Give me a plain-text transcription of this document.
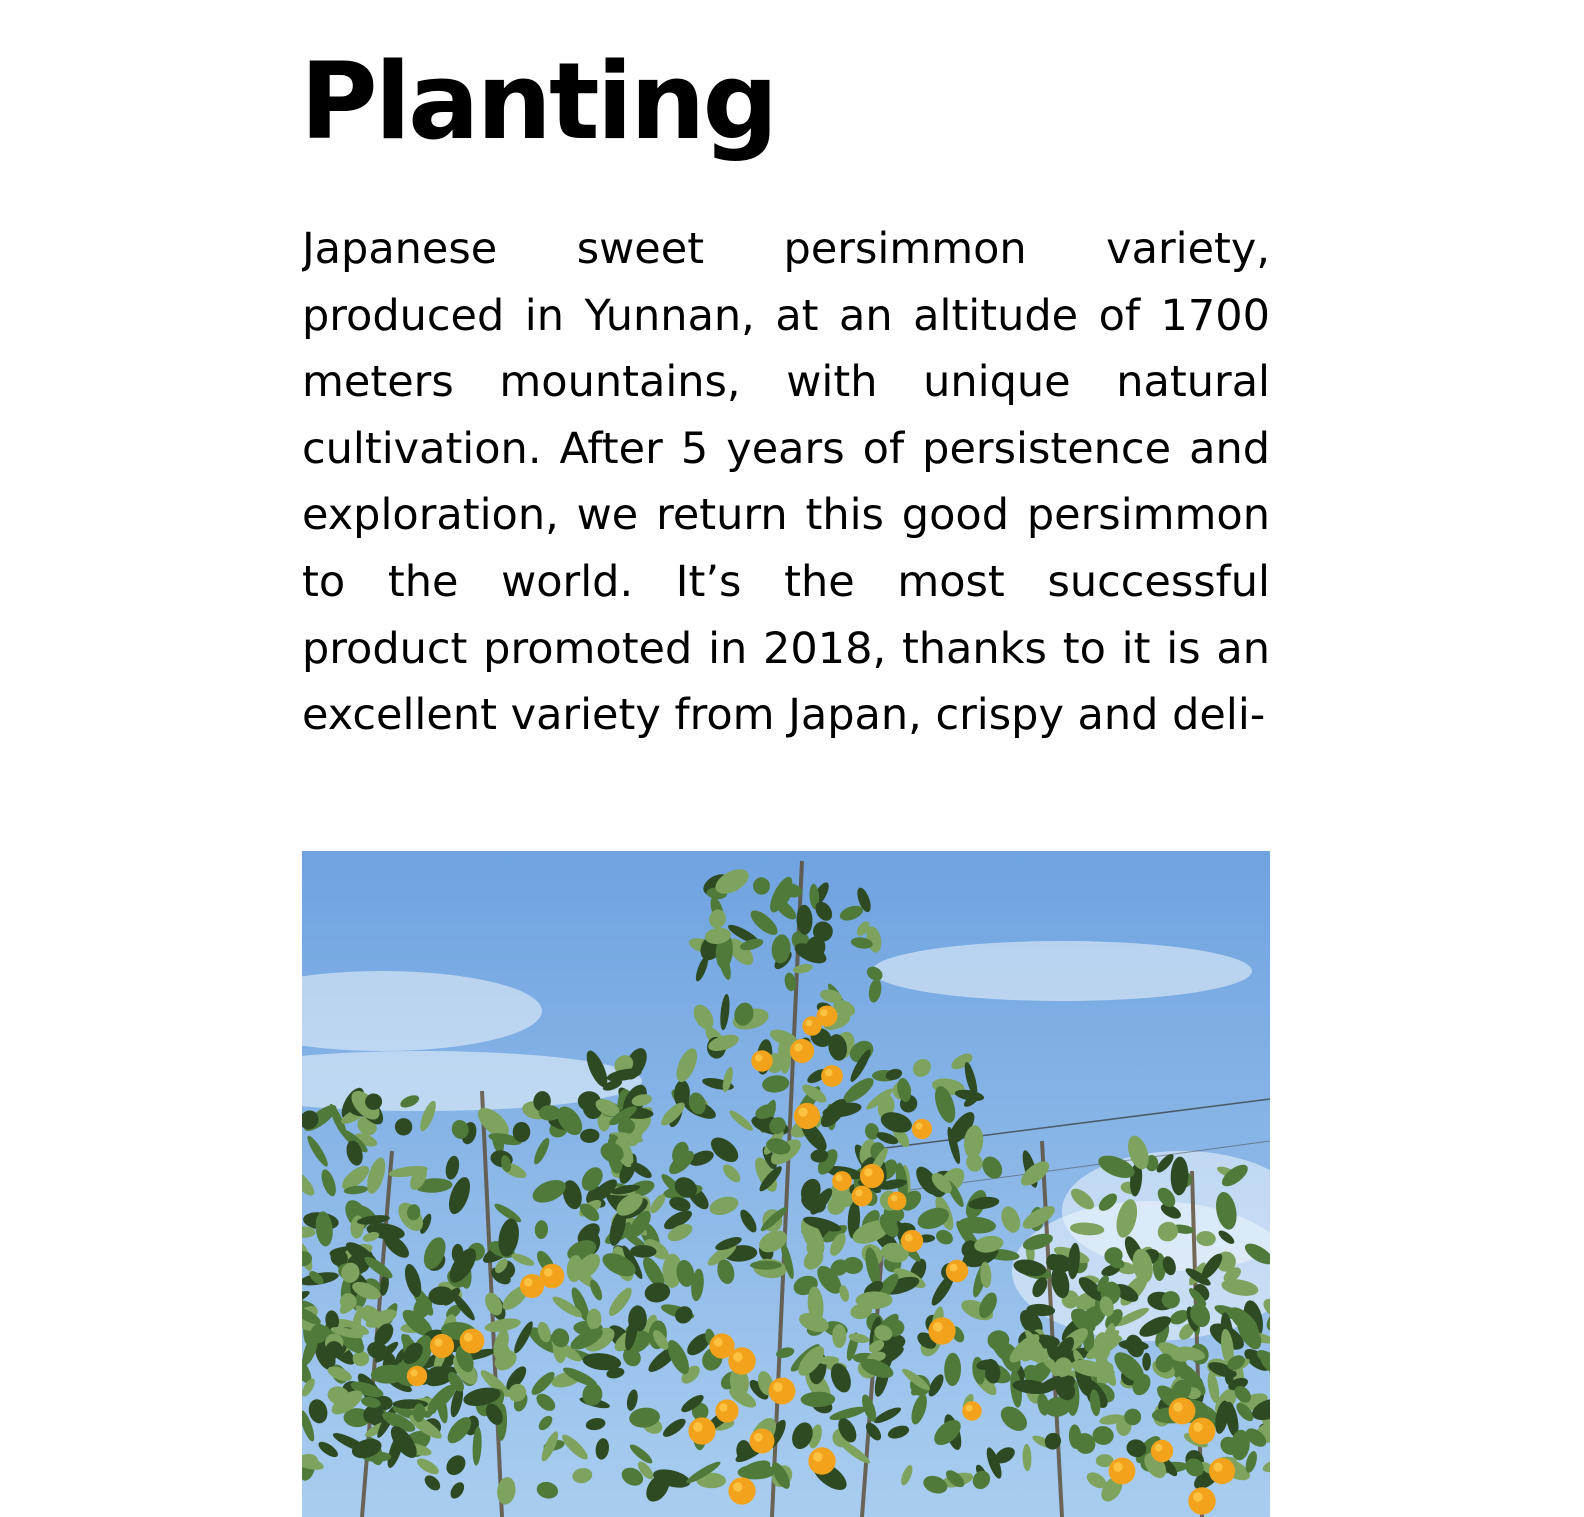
Planting

Japanese sweet persimmon variety, produced in Yunnan, at an altitude of 1700 meters mountains, with unique natural cultivation. After 5 years of persistence and exploration, we return this good persimmon to the world. It’s the most successful product promoted in 2018, thanks to it is an excellent variety from Japan, crispy and deli-
